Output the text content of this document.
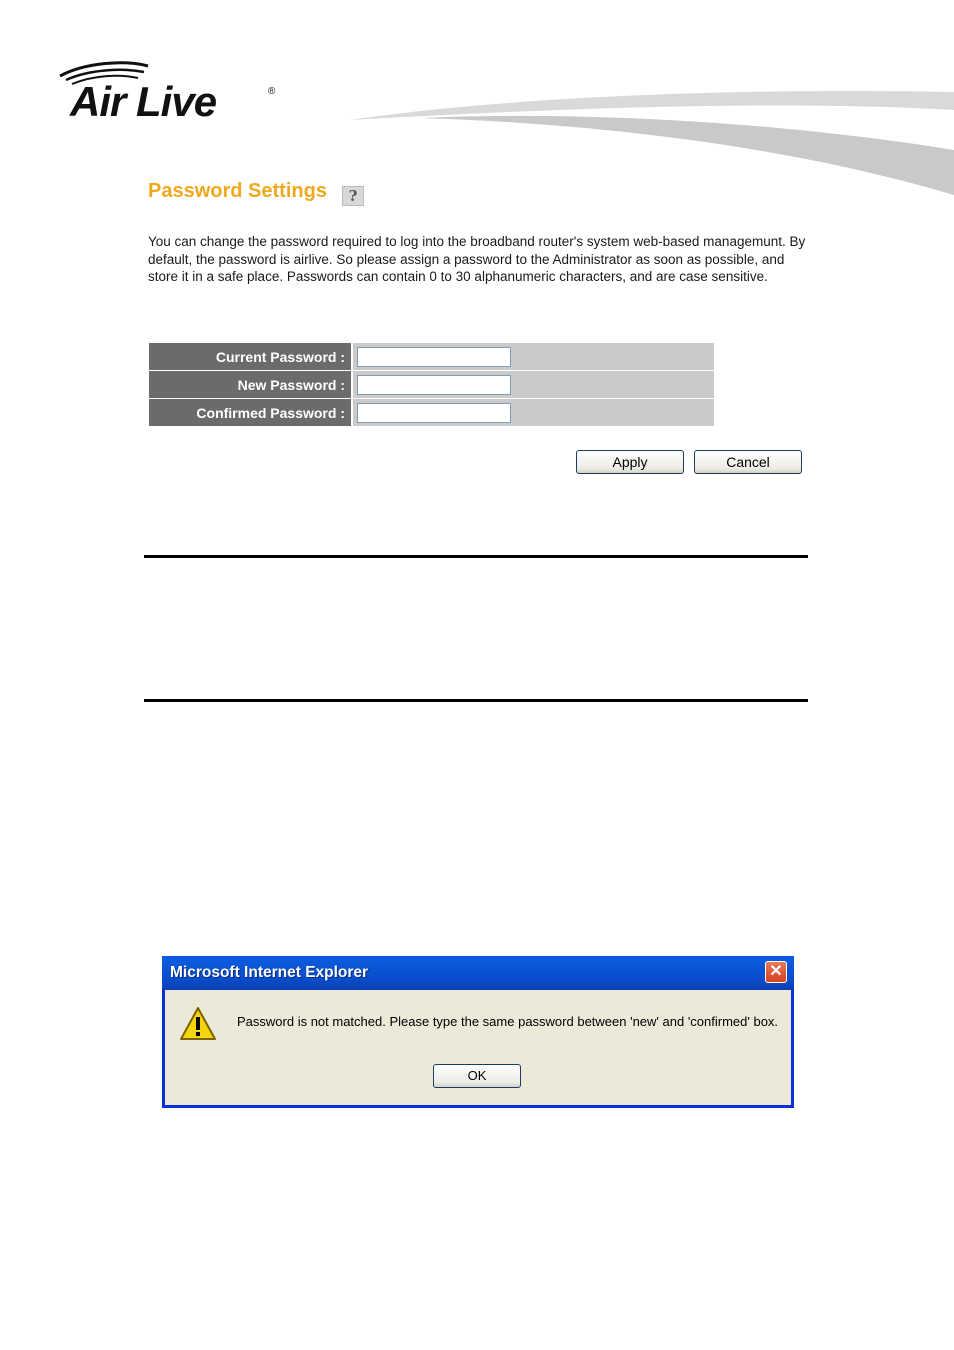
Air Live	®
Password Settings	?

You can change the password required to log into the broadband router's system web-based managemunt. By default, the password is airlive. So please assign a password to the Administrator as soon as possible, and store it in a safe place. Passwords can contain 0 to 30 alphanumeric characters, and are case sensitive.

Current Password :	

New Password :	

Confirmed Password :	
Apply	Cancel
Microsoft Internet Explorer	✕
Password is not matched. Please type the same password between 'new' and 'confirmed' box.
OK
